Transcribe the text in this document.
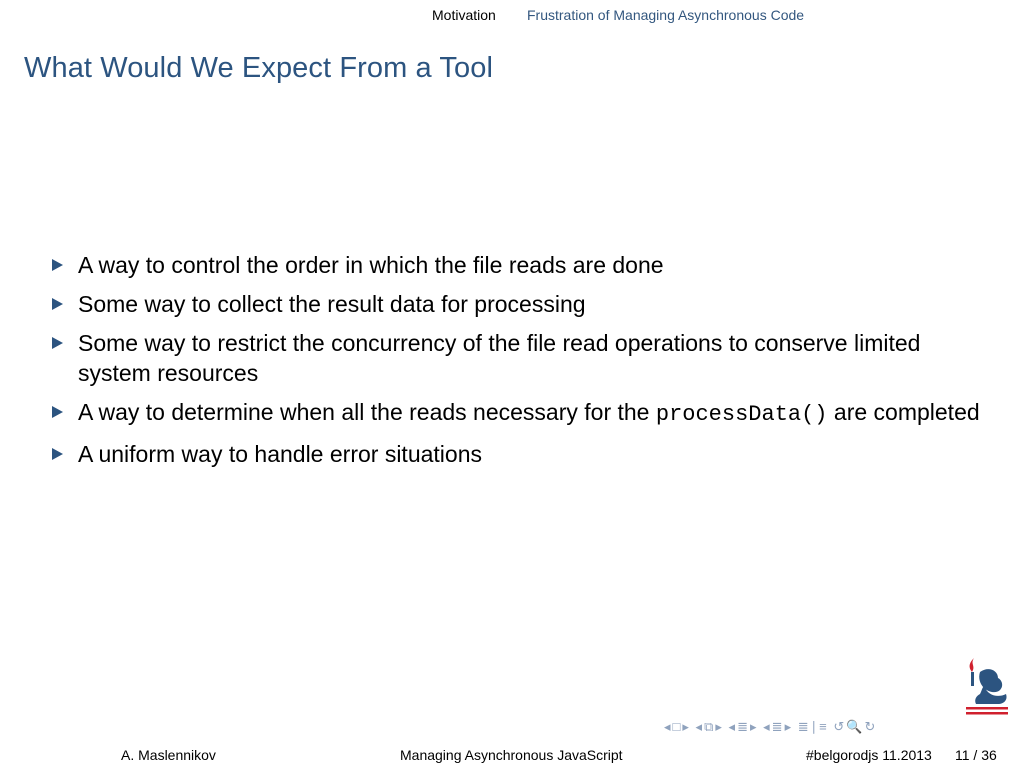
Motivation Frustration of Managing Asynchronous Code
What Would We Expect From a Tool
A way to control the order in which the file reads are done
Some way to collect the result data for processing
Some way to restrict the concurrency of the file read operations to conserve limited system resources
A way to determine when all the reads necessary for the processData() are completed
A uniform way to handle error situations
◂□▸ ◂⧉▸ ◂≣▸ ◂≣▸ ≣∣≡ ↺🔍↻
A. Maslennikov	Managing Asynchronous JavaScript	#belgorodjs 11.2013 11 / 36
